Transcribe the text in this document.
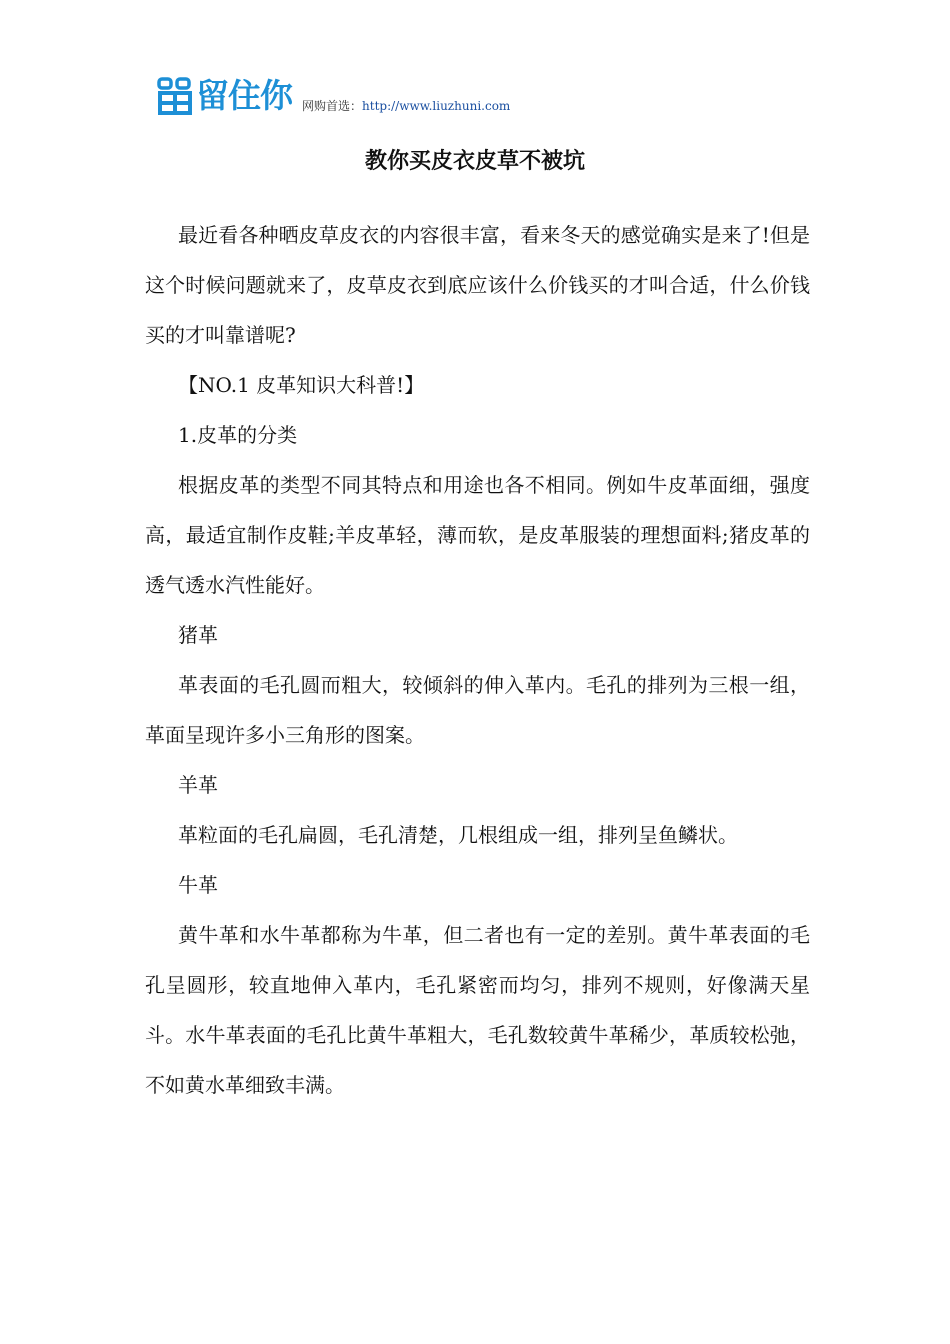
留住你 网购首选：http://www.liuzhuni.com
教你买皮衣皮草不被坑

最近看各种晒皮草皮衣的内容很丰富，看来冬天的感觉确实是来了!但是这个时候问题就来了，皮草皮衣到底应该什么价钱买的才叫合适，什么价钱买的才叫靠谱呢?

【NO.1 皮革知识大科普!】

1.皮革的分类

根据皮革的类型不同其特点和用途也各不相同。例如牛皮革面细，强度高，最适宜制作皮鞋;羊皮革轻，薄而软，是皮革服装的理想面料;猪皮革的透气透水汽性能好。

猪革

革表面的毛孔圆而粗大，较倾斜的伸入革内。毛孔的排列为三根一组，革面呈现许多小三角形的图案。

羊革

革粒面的毛孔扁圆，毛孔清楚，几根组成一组，排列呈鱼鳞状。

牛革

黄牛革和水牛革都称为牛革，但二者也有一定的差别。黄牛革表面的毛孔呈圆形，较直地伸入革内，毛孔紧密而均匀，排列不规则，好像满天星斗。水牛革表面的毛孔比黄牛革粗大，毛孔数较黄牛革稀少，革质较松弛，不如黄水革细致丰满。
